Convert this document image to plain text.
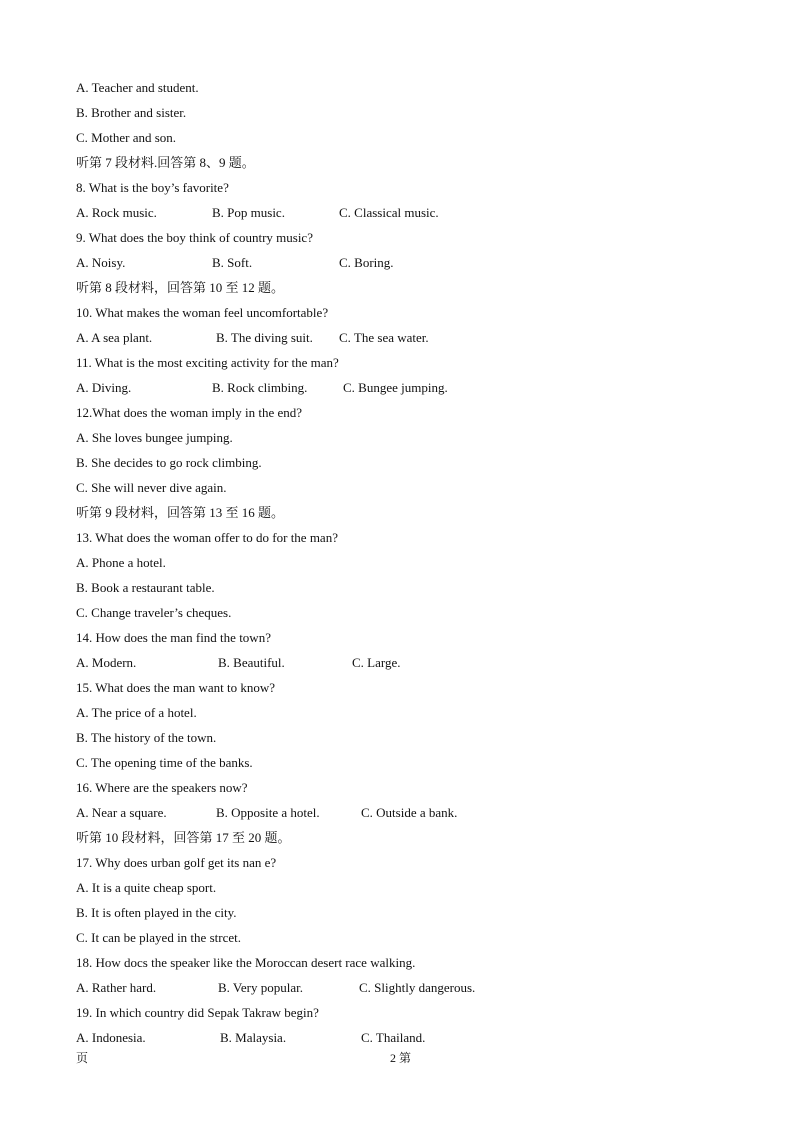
A. Teacher and student.
B. Brother and sister.
C. Mother and son.
听第 7 段材料.回答第 8、9 题。
8. What is the boy’s favorite?
A. Rock music.	B. Pop music.	C. Classical music.
9. What does the boy think of country music?
A. Noisy.	B. Soft.	C. Boring.
听第 8 段材料，回答第 10 至 12 题。
10. What makes the woman feel uncomfortable?
A. A sea plant.	B. The diving suit. C. The sea water.
11. What is the most exciting activity for the man?
A. Diving.	B. Rock climbing.	C. Bungee jumping.
12.What does the woman imply in the end?
A. She loves bungee jumping.
B. She decides to go rock climbing.
C. She will never dive again.
听第 9 段材料，回答第 13 至 16 题。
13. What does the woman offer to do for the man?
A. Phone a hotel.
B. Book a restaurant table.
C. Change traveler’s cheques.
14. How does the man find the town?
A. Modern.	B. Beautiful.	C. Large.
15. What does the man want to know?
A. The price of a hotel.
B. The history of the town.
C. The opening time of the banks.
16. Where are the speakers now?
A. Near a square.	B. Opposite a hotel.	C. Outside a bank.
听第 10 段材料，回答第 17 至 20 题。
17. Why does urban golf get its nan e?
A. It is a quite cheap sport.
B. It is often played in the city.
C. It can be played in the strcet.
18. How docs the speaker like the Moroccan desert race walking.
A. Rather hard.	B. Very popular.	C. Slightly dangerous.
19. In which country did Sepak Takraw begin?
A. Indonesia.	B. Malaysia.	C. Thailand.
页	2 第
